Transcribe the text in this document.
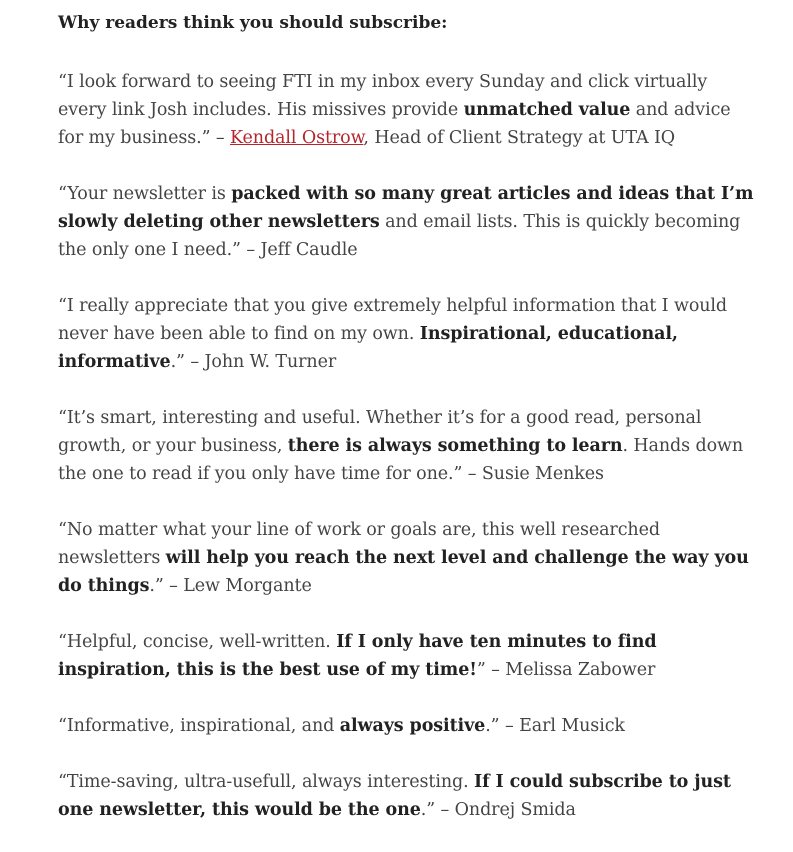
Why readers think you should subscribe:

“I look forward to seeing FTI in my inbox every Sunday and click virtually every link Josh includes. His missives provide unmatched value and advice for my business.” – Kendall Ostrow, Head of Client Strategy at UTA IQ

“Your newsletter is packed with so many great articles and ideas that I’m slowly deleting other newsletters and email lists. This is quickly becoming the only one I need.” – Jeff Caudle

“I really appreciate that you give extremely helpful information that I would never have been able to find on my own. Inspirational, educational, informative.” – John W. Turner

“It’s smart, interesting and useful. Whether it’s for a good read, personal growth, or your business, there is always something to learn. Hands down the one to read if you only have time for one.” – Susie Menkes

“No matter what your line of work or goals are, this well researched newsletters will help you reach the next level and challenge the way you do things.” – Lew Morgante

“Helpful, concise, well-written. If I only have ten minutes to find inspiration, this is the best use of my time!” – Melissa Zabower

“Informative, inspirational, and always positive.” – Earl Musick

“Time-saving, ultra-usefull, always interesting. If I could subscribe to just one newsletter, this would be the one.” – Ondrej Smida
